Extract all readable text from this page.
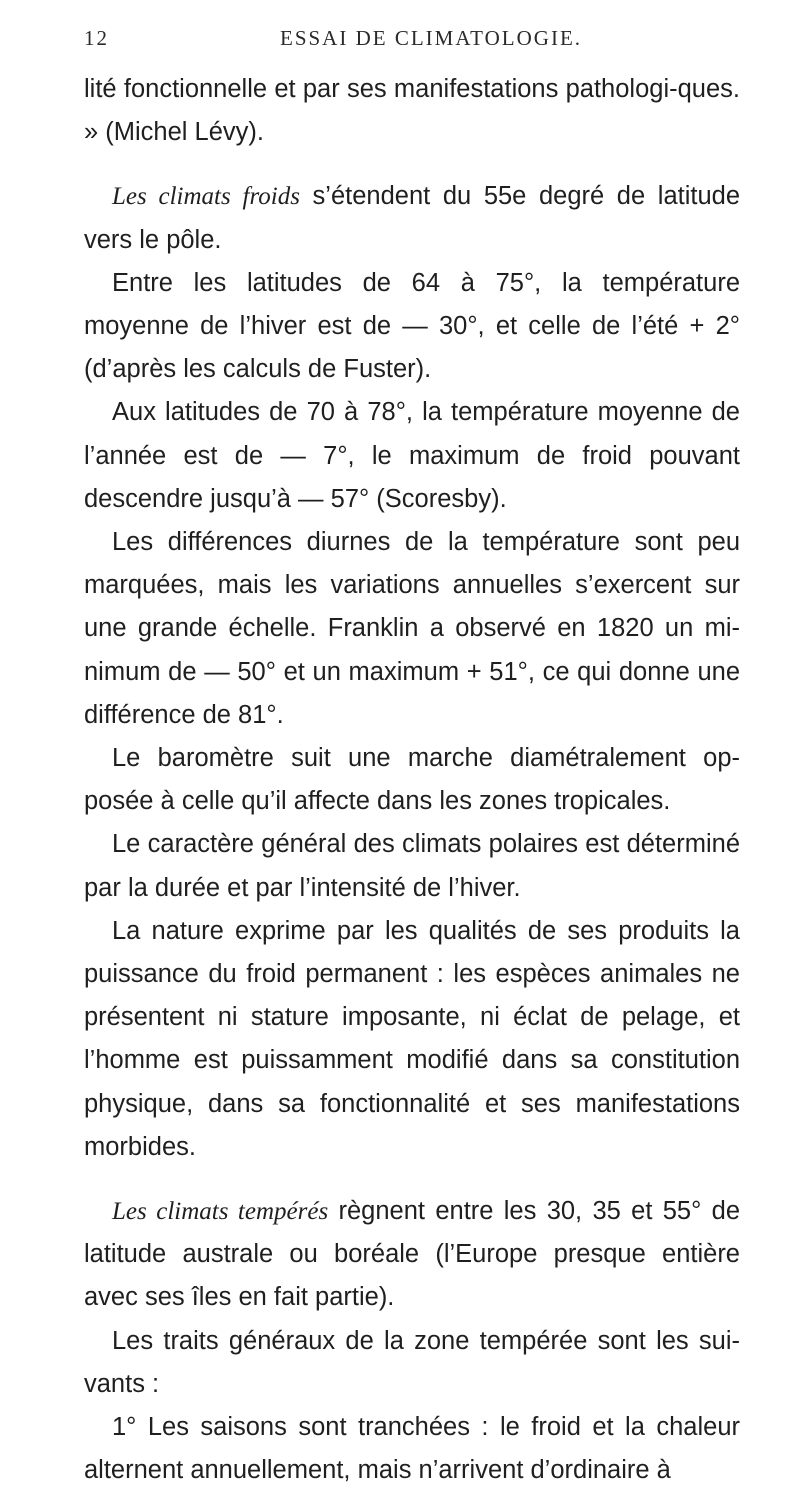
12	ESSAI DE CLIMATOLOGIE.

lité fonctionnelle et par ses manifestations pathologi-ques. » (Michel Lévy).

Les climats froids s’étendent du 55e degré de latitude vers le pôle.

Entre les latitudes de 64 à 75°, la température moyenne de l’hiver est de — 30°, et celle de l’été + 2° (d’après les calculs de Fuster).

Aux latitudes de 70 à 78°, la température moyenne de l’année est de — 7°, le maximum de froid pouvant descendre jusqu’à — 57° (Scoresby).

Les différences diurnes de la température sont peu marquées, mais les variations annuelles s’exercent sur une grande échelle. Franklin a observé en 1820 un mi-nimum de — 50° et un maximum + 51°, ce qui donne une différence de 81°.

Le baromètre suit une marche diamétralement op-posée à celle qu’il affecte dans les zones tropicales.

Le caractère général des climats polaires est déterminé par la durée et par l’intensité de l’hiver.

La nature exprime par les qualités de ses produits la puissance du froid permanent : les espèces animales ne présentent ni stature imposante, ni éclat de pelage, et l’homme est puissamment modifié dans sa constitution physique, dans sa fonctionnalité et ses manifestations morbides.

Les climats tempérés règnent entre les 30, 35 et 55° de latitude australe ou boréale (l’Europe presque entière avec ses îles en fait partie).

Les traits généraux de la zone tempérée sont les sui-vants :

1° Les saisons sont tranchées : le froid et la chaleur alternent annuellement, mais n’arrivent d’ordinaire à
